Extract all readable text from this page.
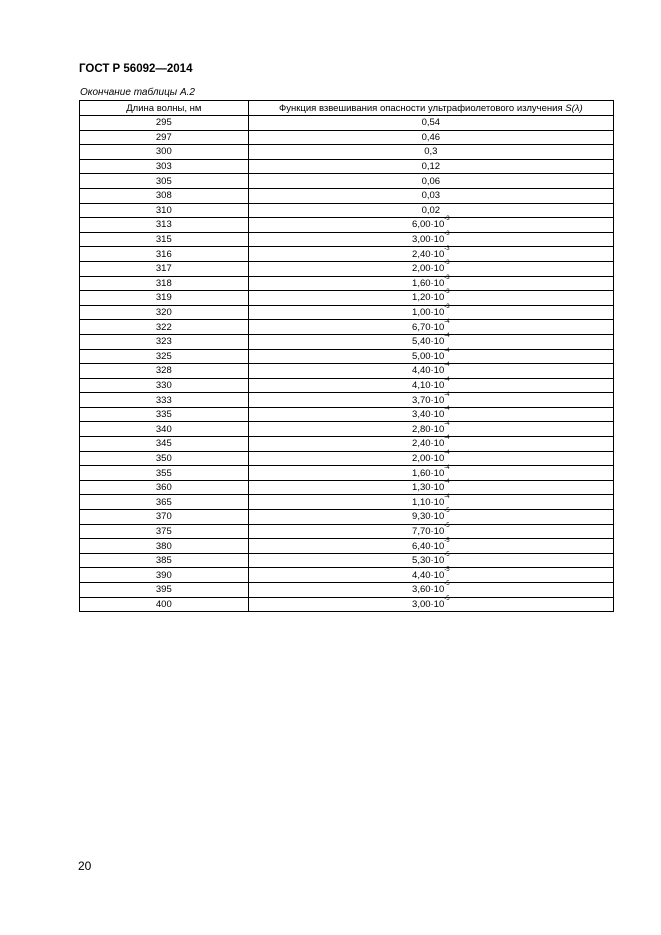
ГОСТ Р 56092—2014
Окончание таблицы А.2
Длина волны, нм	Функция взвешивания опасности ультрафиолетового излучения S(λ)
295	0,54
297	0,46
300	0,3
303	0,12
305	0,06
308	0,03
310	0,02
313	$6,00\cdot 10^{-3}$
315	$3,00\cdot 10^{-3}$
316	$2,40\cdot 10^{-3}$
317	$2,00\cdot 10^{-3}$
318	$1,60\cdot 10^{-3}$
319	$1,20\cdot 10^{-3}$
320	$1,00\cdot 10^{-3}$
322	$6,70\cdot 10^{-4}$
323	$5,40\cdot 10^{-4}$
325	$5,00\cdot 10^{-4}$
328	$4,40\cdot 10^{-4}$
330	$4,10\cdot 10^{-4}$
333	$3,70\cdot 10^{-4}$
335	$3,40\cdot 10^{-4}$
340	$2,80\cdot 10^{-4}$
345	$2,40\cdot 10^{-4}$
350	$2,00\cdot 10^{-4}$
355	$1,60\cdot 10^{-4}$
360	$1,30\cdot 10^{-4}$
365	$1,10\cdot 10^{-4}$
370	$9,30\cdot 10^{-5}$
375	$7,70\cdot 10^{-5}$
380	$6,40\cdot 10^{-5}$
385	$5,30\cdot 10^{-5}$
390	$4,40\cdot 10^{-5}$
395	$3,60\cdot 10^{-5}$
400	$3,00\cdot 10^{-5}$
20
